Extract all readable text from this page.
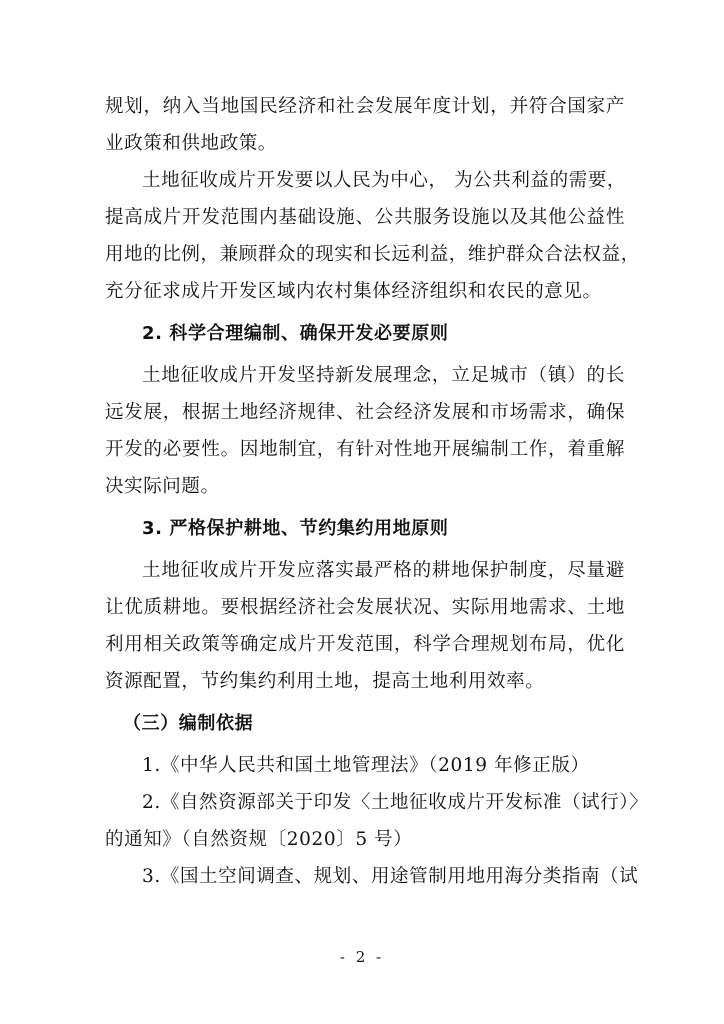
规划，纳入当地国民经济和社会发展年度计划，并符合国家产
业政策和供地政策。
土地征收成片开发要以人民为中心， 为公共利益的需要，
提高成片开发范围内基础设施、公共服务设施以及其他公益性
用地的比例，兼顾群众的现实和长远利益，维护群众合法权益，
充分征求成片开发区域内农村集体经济组织和农民的意见。
2. 科学合理编制、确保开发必要原则
土地征收成片开发坚持新发展理念，立足城市（镇）的长
远发展，根据土地经济规律、社会经济发展和市场需求，确保
开发的必要性。因地制宜，有针对性地开展编制工作，着重解
决实际问题。
3. 严格保护耕地、节约集约用地原则
土地征收成片开发应落实最严格的耕地保护制度，尽量避
让优质耕地。要根据经济社会发展状况、实际用地需求、土地
利用相关政策等确定成片开发范围，科学合理规划布局，优化
资源配置，节约集约利用土地，提高土地利用效率。
（三）编制依据
1.《中华人民共和国土地管理法》（2019 年修正版）
2.《自然资源部关于印发〈土地征收成片开发标准（试行）〉
的通知》（自然资规〔2020〕5 号）
3.《国土空间调查、规划、用途管制用地用海分类指南（试
- 2 -
